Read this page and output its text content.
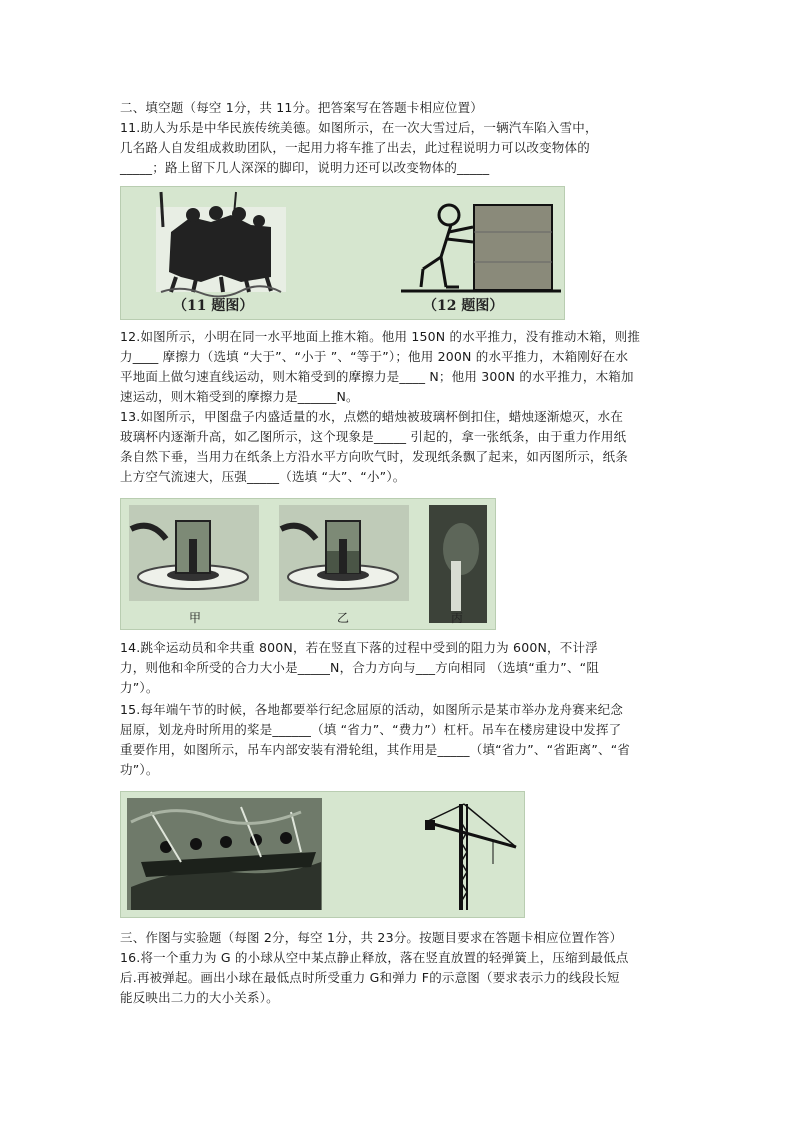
二、填空题（每空 1分，共 11分。把答案写在答题卡相应位置）
11.助人为乐是中华民族传统美德。如图所示，在一次大雪过后，一辆汽车陷入雪中，
几名路人自发组成救助团队，一起用力将车推了出去，此过程说明力可以改变物体的
_____；路上留下几人深深的脚印，说明力还可以改变物体的_____
（11 题图）	（12 题图）
12.如图所示，小明在同一水平地面上推木箱。他用 150N 的水平推力，没有推动木箱，则推
力____ 摩擦力（选填 “大于”、“小于 ”、“等于”）；他用 200N 的水平推力，木箱刚好在水
平地面上做匀速直线运动，则木箱受到的摩擦力是____ N；他用 300N 的水平推力，木箱加
速运动，则木箱受到的摩擦力是______N。
13.如图所示，甲图盘子内盛适量的水，点燃的蜡烛被玻璃杯倒扣住，蜡烛逐渐熄灭，水在
玻璃杯内逐渐升高，如乙图所示，这个现象是_____ 引起的，拿一张纸条，由于重力作用纸
条自然下垂，当用力在纸条上方沿水平方向吹气时，发现纸条飘了起来，如丙图所示，纸条
上方空气流速大，压强_____（选填 “大”、“小”）。
甲	乙	丙
14.跳伞运动员和伞共重 800N，若在竖直下落的过程中受到的阻力为 600N，不计浮
力，则他和伞所受的合力大小是_____N，合力方向与___方向相同 （选填“重力”、“阻
力”）。
15.每年端午节的时候，各地都要举行纪念屈原的活动，如图所示是某市举办龙舟赛来纪念
屈原，划龙舟时所用的桨是______（填 “省力”、“费力”）杠杆。吊车在楼房建设中发挥了
重要作用，如图所示，吊车内部安装有滑轮组，其作用是_____（填“省力”、“省距离”、“省
功”）。
三、作图与实验题（每图 2分，每空 1分，共 23分。按题目要求在答题卡相应位置作答）
16.将一个重力为 G 的小球从空中某点静止释放，落在竖直放置的轻弹簧上，压缩到最低点
后.再被弹起。画出小球在最低点时所受重力 G和弹力 F的示意图（要求表示力的线段长短
能反映出二力的大小关系）。
